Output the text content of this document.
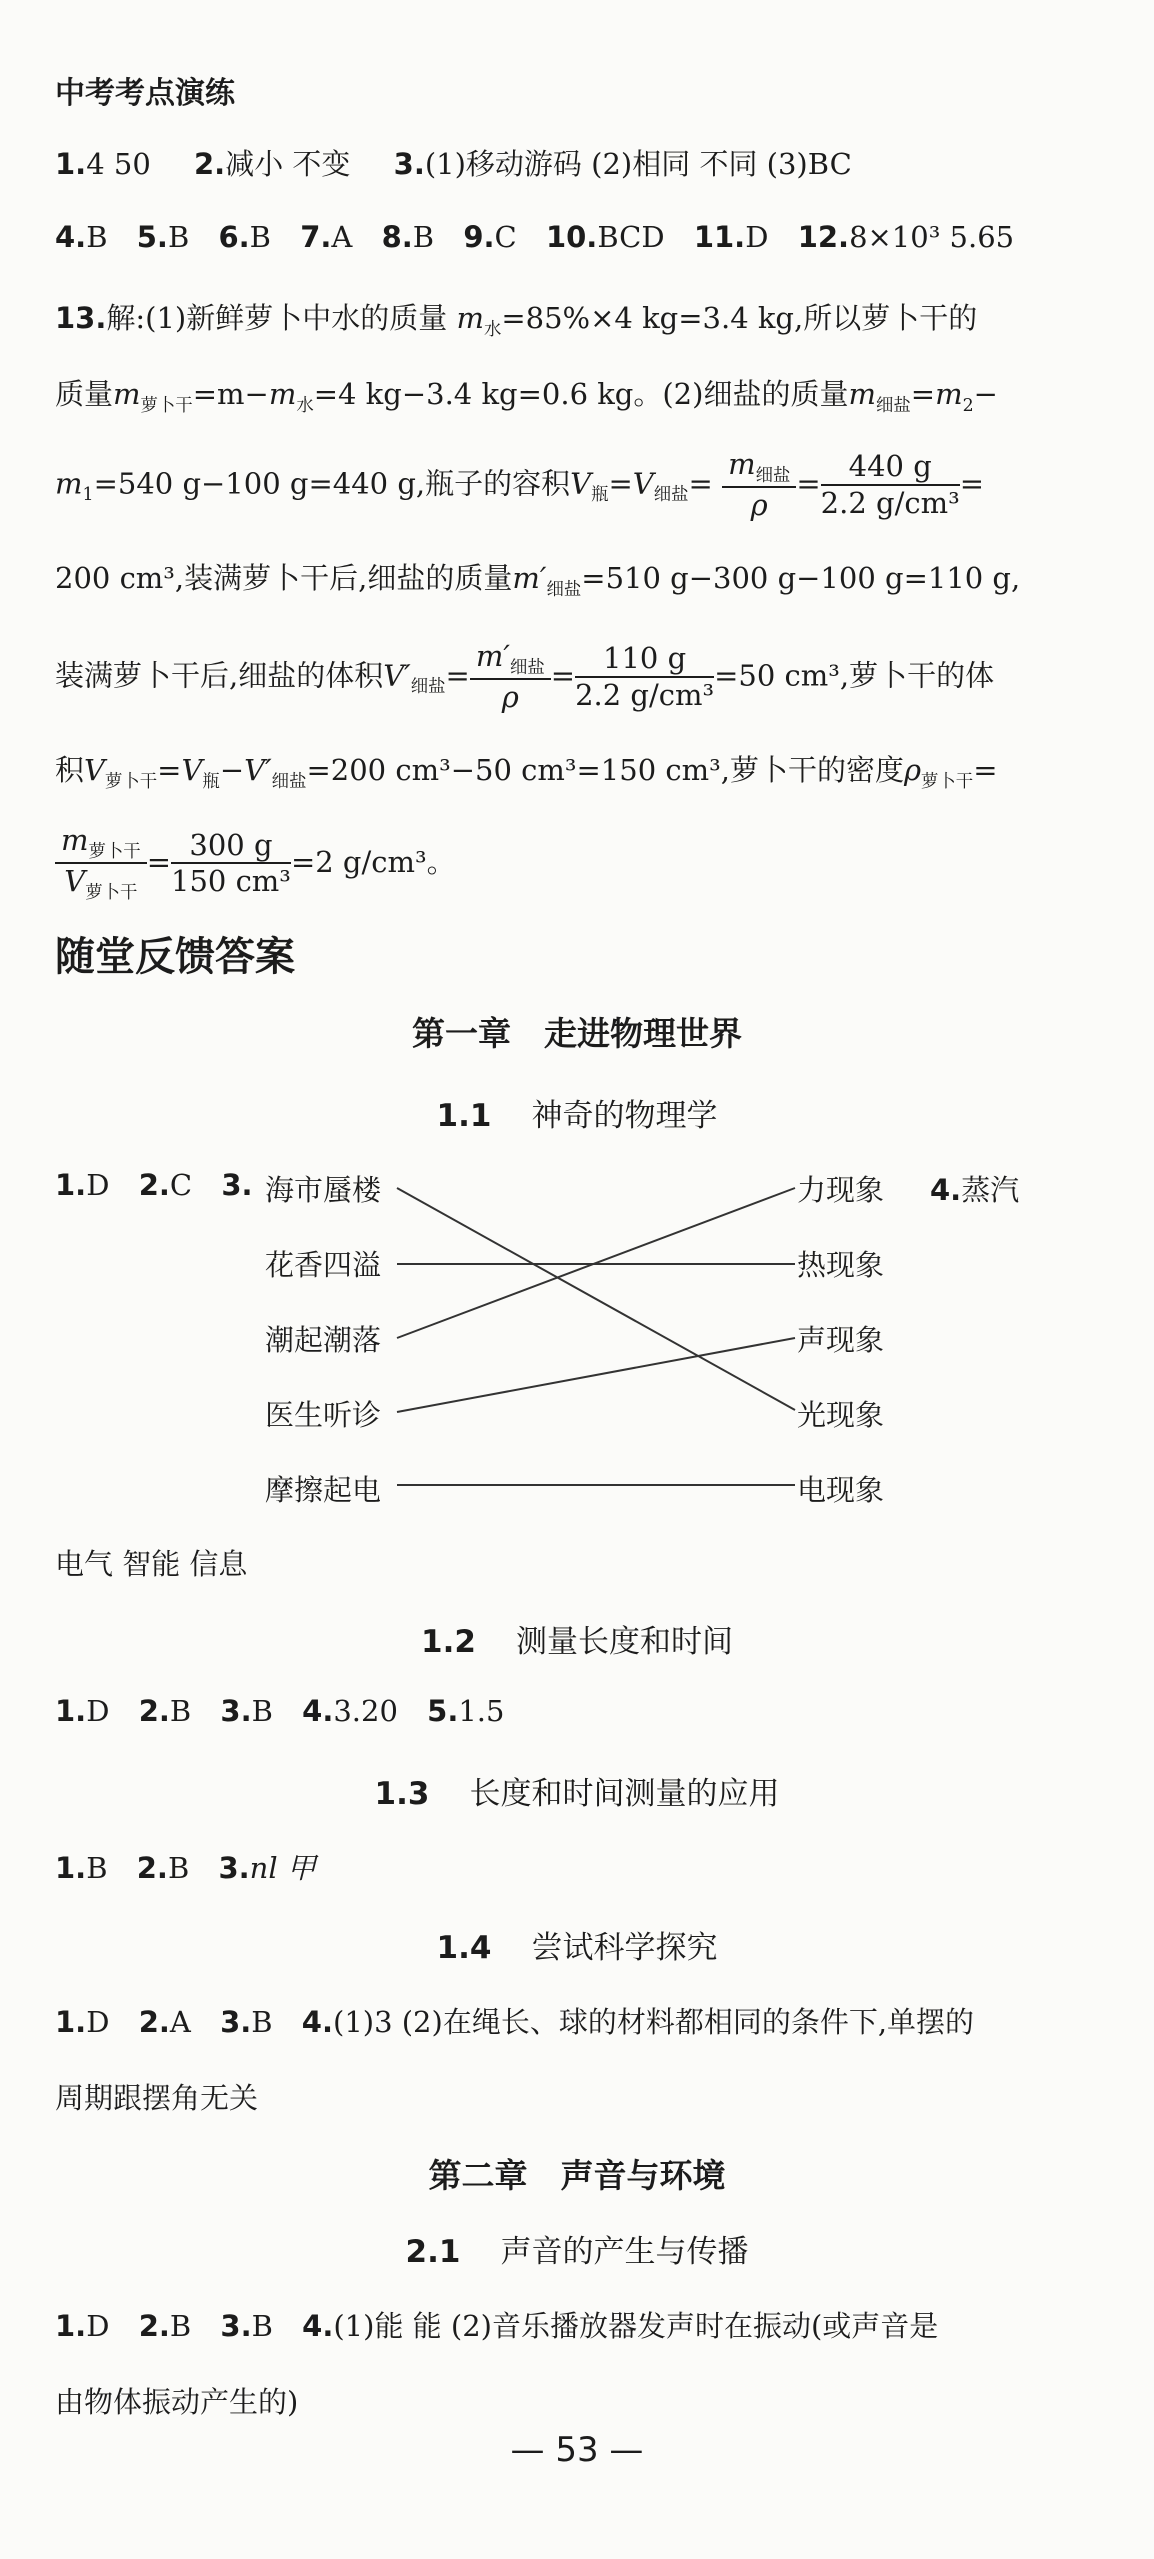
中考考点演练
1.4 50 2.减小 不变 3.(1)移动游码 (2)相同 不同 (3)BC
4.B 5.B 6.B 7.A 8.B 9.C 10.BCD 11.D 12.8×10³ 5.65
13.解:(1)新鲜萝卜中水的质量 $m_水=85\%\times 4$ kg=3.4 kg,所以萝卜干的
质量$m_{萝卜干}=m-m_水=4$ kg−3.4 kg=0.6 kg。(2)细盐的质量$m_{细盐}=m_2-$
$m_1=540$ g−100 g=440 g,瓶子的容积$V_瓶=V_{细盐}=$
$m_{细盐}$
ρ
= $\frac{440 g}{\text{2.2 g/cm³}}$ =
200 cm³,装满萝卜干后,细盐的质量$m'_{细盐}=510$ g−300 g−100 g=110 g,
装满萝卜干后,细盐的体积$V'_{细盐}=$
$m'_{细盐}$
ρ
= $\frac{110 g}{\text{2.2 g/cm³}} =50$ cm³,萝卜干的体
积$V_{萝卜干}=V_瓶-V'_{细盐}=200$ cm³−50 cm³=150 cm³,萝卜干的密度$\rho_{萝卜干}=$
$m_{萝卜干}$
$V_{萝卜干}$
= $\frac{300 g}{\text{150 cm³}} =2$ g/cm³。
随堂反馈答案
第一章　走进物理世界
1.1 神奇的物理学
1.D 2.C 3. 海市蜃楼
花香四溢
潮起潮落
医生听诊
摩擦起电
力现象
热现象
声现象
光现象
电现象
4.蒸汽
电气 智能 信息
1.2 测量长度和时间
1.D 2.B 3.B 4.3.20 5.1.5
1.3 长度和时间测量的应用
1.B 2.B 3.nl 甲
1.4 尝试科学探究
1.D 2.A 3.B 4.(1)3 (2)在绳长、球的材料都相同的条件下,单摆的
周期跟摆角无关
第二章　声音与环境
2.1 声音的产生与传播
1.D 2.B 3.B 4.(1)能 能 (2)音乐播放器发声时在振动(或声音是
由物体振动产生的)
— 53 —
